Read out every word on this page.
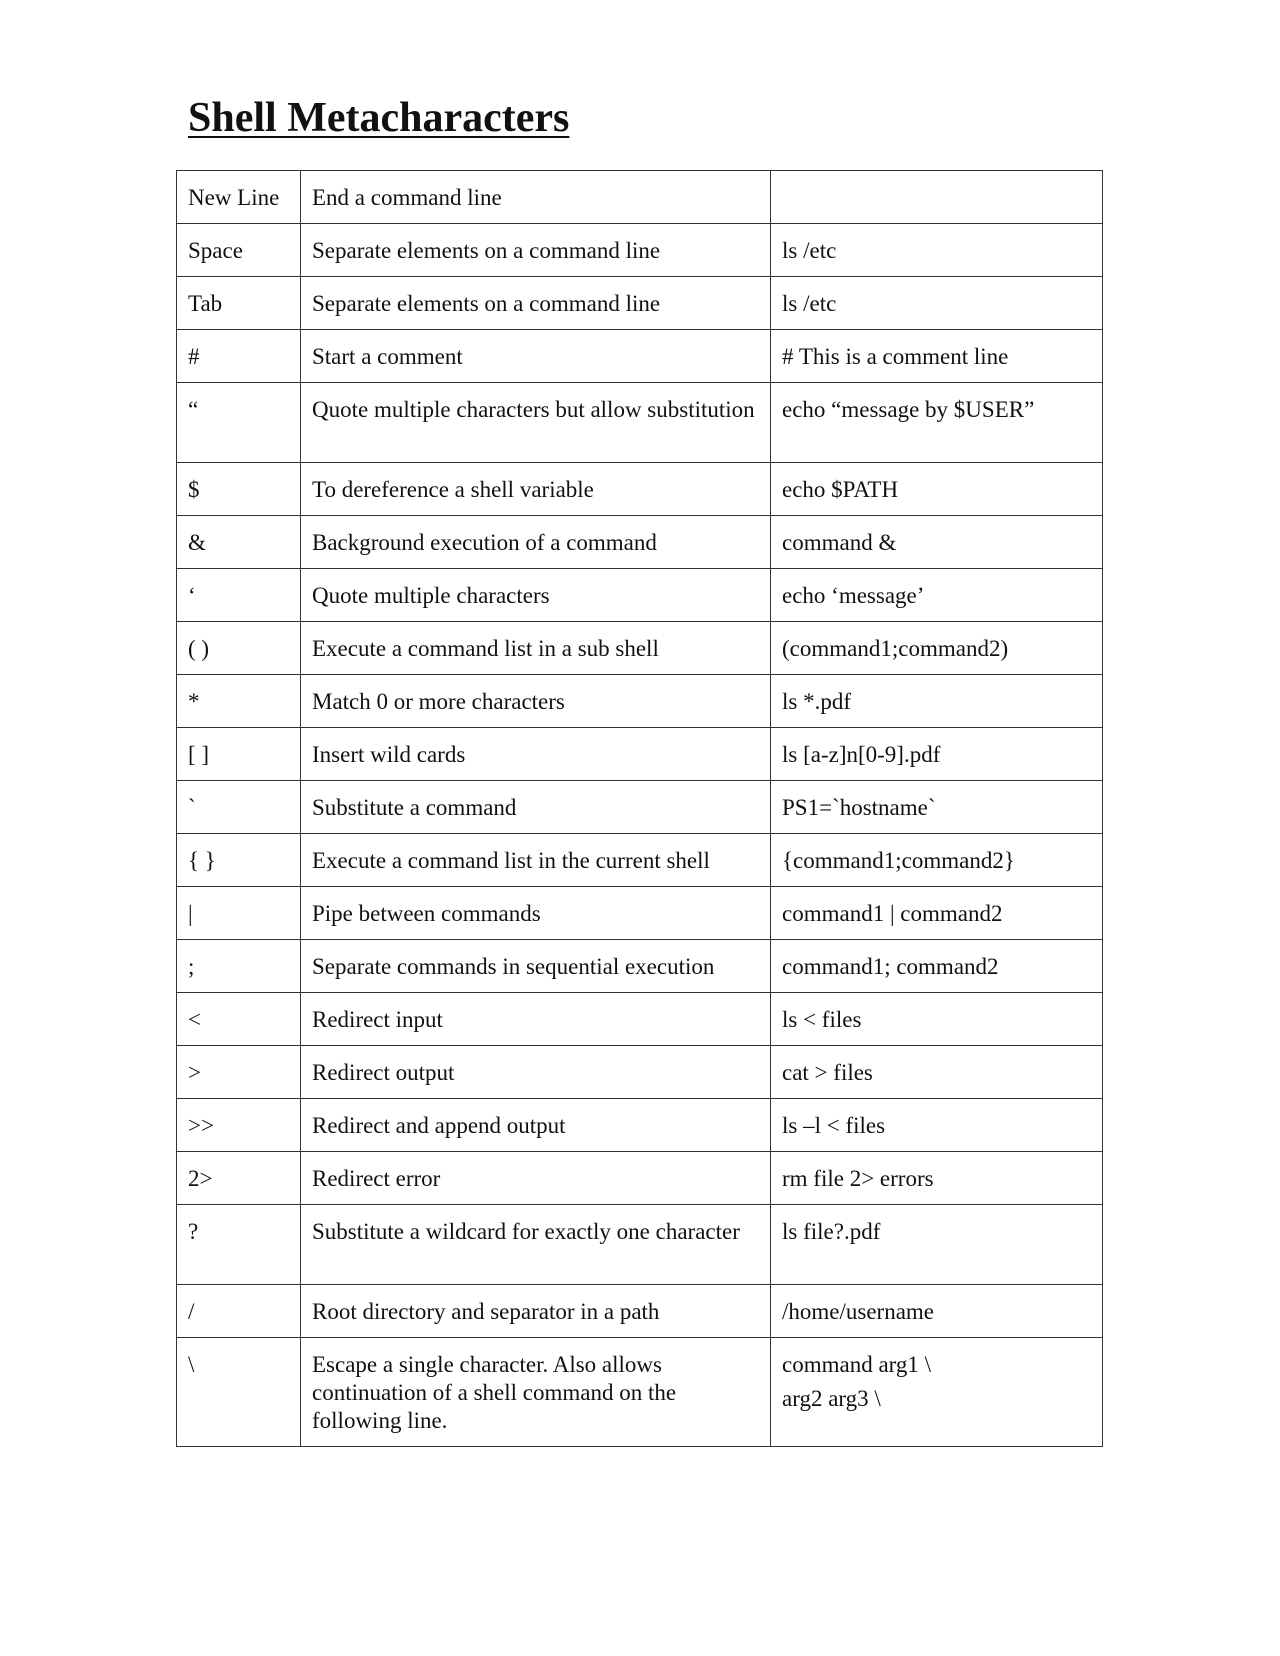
Shell Metacharacters
New Line	End a command line	
Space	Separate elements on a command line	ls /etc
Tab	Separate elements on a command line	ls /etc
#	Start a comment	# This is a comment line
“	Quote multiple characters but allow substitution	echo “message by $USER”
$	To dereference a shell variable	echo $PATH
&	Background execution of a command	command &
‘	Quote multiple characters	echo ‘message’
( )	Execute a command list in a sub shell	(command1;command2)
*	Match 0 or more characters	ls *.pdf
[ ]	Insert wild cards	ls [a-z]n[0-9].pdf
`	Substitute a command	PS1=`hostname`
{ }	Execute a command list in the current shell	{command1;command2}
|	Pipe between commands	command1 | command2
;	Separate commands in sequential execution	command1; command2
<	Redirect input	ls < files
>	Redirect output	cat > files
>>	Redirect and append output	ls –l < files
2>	Redirect error	rm file 2> errors
?	Substitute a wildcard for exactly one character	ls file?.pdf
/	Root directory and separator in a path	/home/username
\	Escape a single character. Also allows continuation of a shell command on the following line.	command arg1 \
arg2 arg3 \
